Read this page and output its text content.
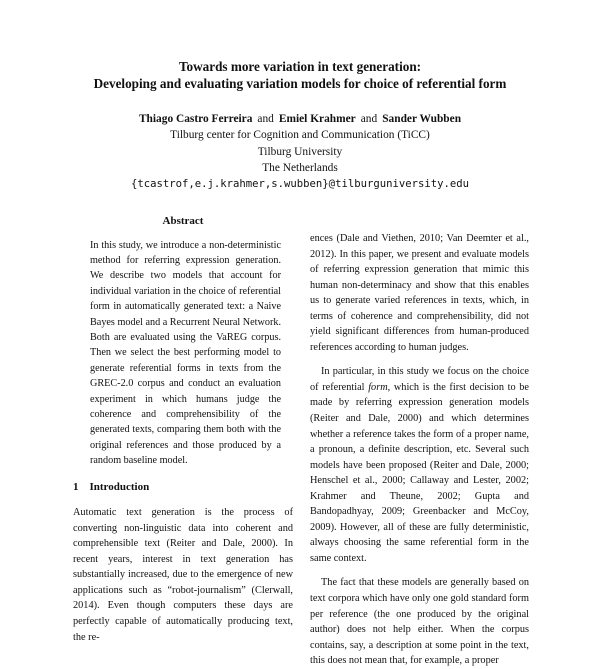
Towards more variation in text generation:
Developing and evaluating variation models for choice of referential form
Thiago Castro Ferreira and Emiel Krahmer and Sander Wubben
Tilburg center for Cognition and Communication (TiCC)
Tilburg University
The Netherlands
{tcastrof,e.j.krahmer,s.wubben}@tilburguniversity.edu
Abstract
In this study, we introduce a non-deterministic method for referring expression generation. We describe two models that account for individual variation in the choice of referential form in automatically generated text: a Naive Bayes model and a Recurrent Neural Network. Both are evaluated using the VaREG corpus. Then we select the best performing model to generate referential forms in texts from the GREC-2.0 corpus and conduct an evaluation experiment in which humans judge the coherence and comprehensibility of the generated texts, comparing them both with the original references and those produced by a random baseline model.
1 Introduction

Automatic text generation is the process of converting non-linguistic data into coherent and comprehensible text (Reiter and Dale, 2000). In recent years, interest in text generation has substantially increased, due to the emergence of new applications such as “robot-journalism” (Clerwall, 2014). Even though computers these days are perfectly capable of automatically producing text, the re-

ences (Dale and Viethen, 2010; Van Deemter et al., 2012). In this paper, we present and evaluate models of referring expression generation that mimic this human non-determinacy and show that this enables us to generate varied references in texts, which, in terms of coherence and comprehensibility, did not yield significant differences from human-produced references according to human judges.

In particular, in this study we focus on the choice of referential form, which is the first decision to be made by referring expression generation models (Reiter and Dale, 2000) and which determines whether a reference takes the form of a proper name, a pronoun, a definite description, etc. Several such models have been proposed (Reiter and Dale, 2000; Henschel et al., 2000; Callaway and Lester, 2002; Krahmer and Theune, 2002; Gupta and Bandopadhyay, 2009; Greenbacker and McCoy, 2009). However, all of these are fully deterministic, always choosing the same referential form in the same context.

The fact that these models are generally based on text corpora which have only one gold standard form per reference (the one produced by the original author) does not help either. When the corpus contains, say, a description at some point in the text, this does not mean that, for example, a proper
